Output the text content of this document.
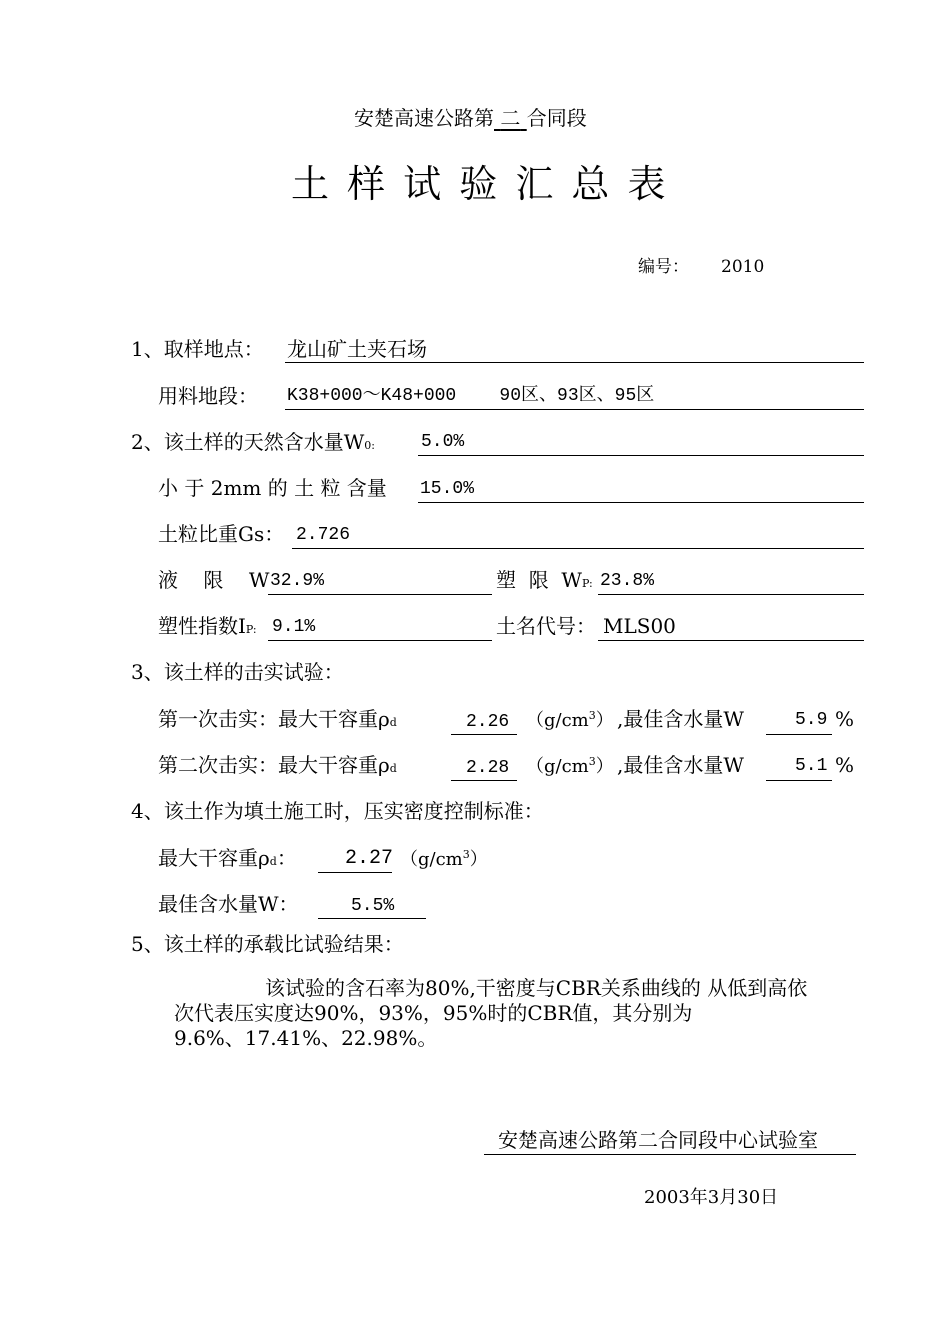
安楚高速公路第 二 合同段
土 样 试 验 汇 总 表
编号： 2010
1、取样地点： 龙山矿土夹石场
用料地段： K38+000～K48+000    90区、93区、95区
2、该土样的天然含水量W0:	5.0%
小 于 2mm 的 土 粒 含量 15.0%
土粒比重Gs： 2.726
液    限    W 32.9%	塑  限  WP: 23.8%
塑性指数IP: 9.1%	土名代号： MLS00
3、该土样的击实试验：
第一次击实：最大干容重ρd	2.26 $(g/cm^3)$ ,最佳含水量W	5.9 %
第二次击实：最大干容重ρd	2.28 $(g/cm^3)$ ,最佳含水量W	5.1 %
4、该土作为填土施工时，压实密度控制标准：
最大干容重ρd： 2.27 $(g/cm^3)$
最佳含水量W：	5.5%
5、该土样的承载比试验结果：
该试验的含石率为80%,干密度与CBR关系曲线的 从低到高依
次代表压实度达90%，93%，95%时的CBR值，其分别为
9.6%、17.41%、22.98%。
安楚高速公路第二合同段中心试验室
2003年3月30日
